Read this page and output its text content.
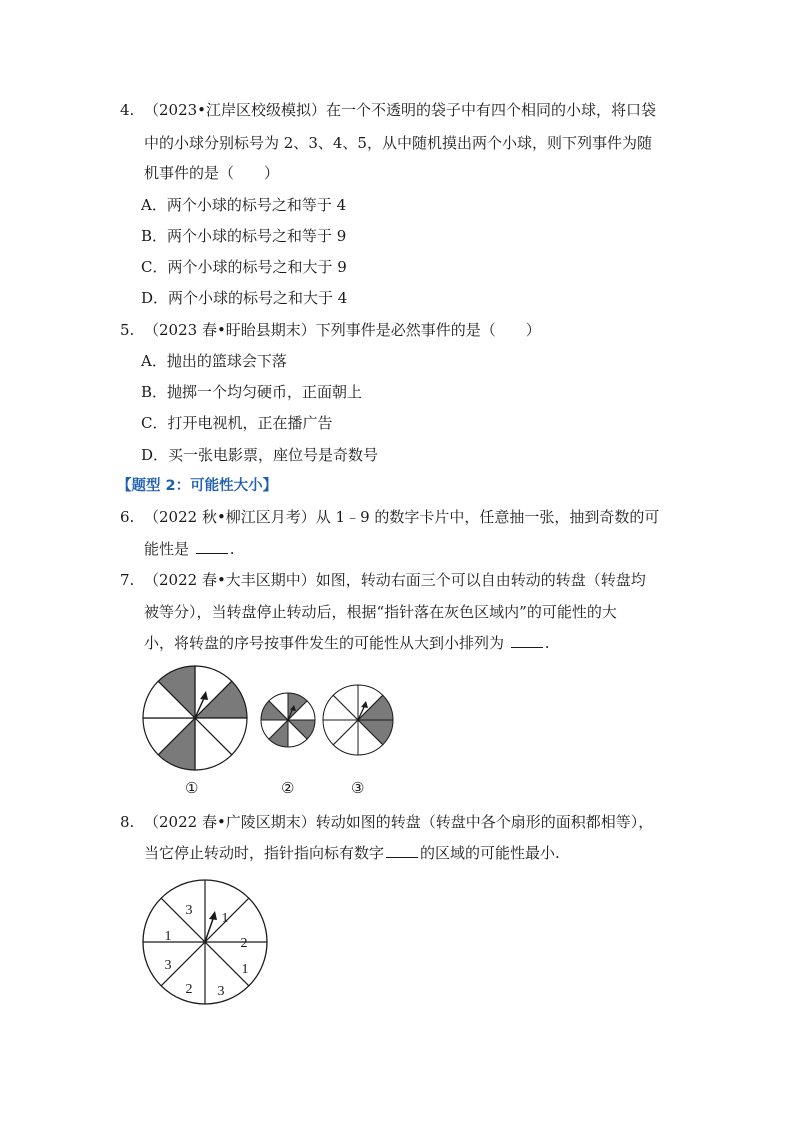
4. （2023•江岸区校级模拟）在一个不透明的袋子中有四个相同的小球，将口袋
中的小球分别标号为 2、3、4、5，从中随机摸出两个小球，则下列事件为随
机事件的是（　　）
A．两个小球的标号之和等于 4
B．两个小球的标号之和等于 9
C．两个小球的标号之和大于 9
D．两个小球的标号之和大于 4
5. （2023 春•盱眙县期末）下列事件是必然事件的是（　　）
A．抛出的篮球会下落
B．抛掷一个均匀硬币，正面朝上
C．打开电视机，正在播广告
D．买一张电影票，座位号是奇数号
【题型 2：可能性大小】
6. （2022 秋•柳江区月考）从 1﹣9 的数字卡片中，任意抽一张，抽到奇数的可
能性是	.
7. （2022 春•大丰区期中）如图，转动右面三个可以自由转动的转盘（转盘均
被等分），当转盘停止转动后，根据“指针落在灰色区域内”的可能性的大
小，将转盘的序号按事件发生的可能性从大到小排列为	.
①	②	③
8. （2022 春•广陵区期末）转动如图的转盘（转盘中各个扇形的面积都相等），
当它停止转动时，指针指向标有数字 的区域的可能性最小.
1
2
1
3
2
3
1
3
